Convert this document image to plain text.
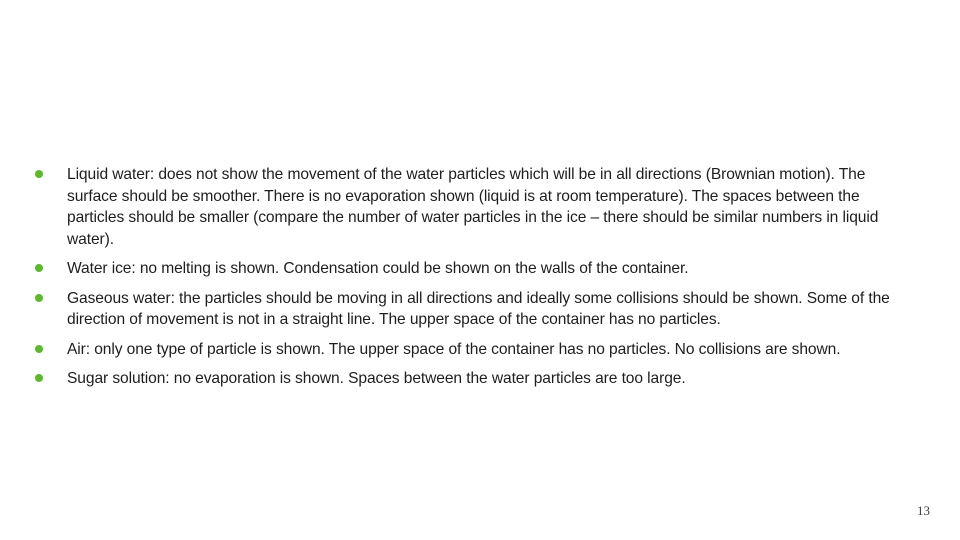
Liquid water: does not show the movement of the water particles which will be in all directions (Brownian motion). The surface should be smoother. There is no evaporation shown (liquid is at room temperature). The spaces between the particles should be smaller (compare the number of water particles in the ice – there should be similar numbers in liquid water).
Water ice: no melting is shown. Condensation could be shown on the walls of the container.
Gaseous water: the particles should be moving in all directions and ideally some collisions should be shown. Some of the direction of movement is not in a straight line. The upper space of the container has no particles.
Air: only one type of particle is shown. The upper space of the container has no particles. No collisions are shown.
Sugar solution: no evaporation is shown. Spaces between the water particles are too large.
13
